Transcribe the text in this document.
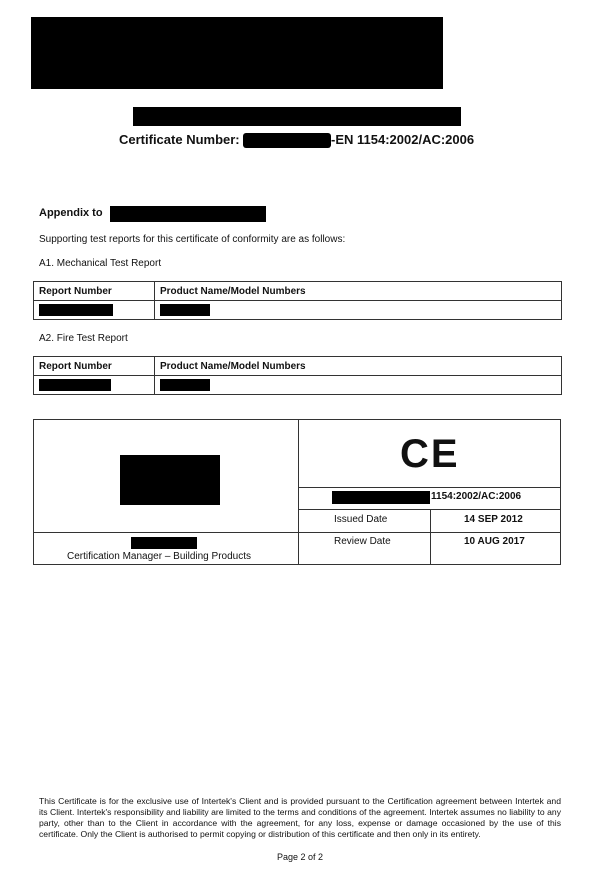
Certificate Number:	-EN 1154:2002/AC:2006
Appendix to
Supporting test reports for this certificate of conformity are as follows:
A1. Mechanical Test Report
Report Number	Product Name/Model Numbers

A2. Fire Test Report
Report Number	Product Name/Model Numbers

Certification Manager – Building Products
CE
1154:2002/AC:2006
Issued Date	14 SEP 2012
Review Date	10 AUG 2017
This Certificate is for the exclusive use of Intertek's Client and is provided pursuant to the Certification agreement between Intertek and its Client. Intertek's responsibility and liability are limited to the terms and conditions of the agreement. Intertek assumes no liability to any party, other than to the Client in accordance with the agreement, for any loss, expense or damage occasioned by the use of this certificate. Only the Client is authorised to permit copying or distribution of this certificate and then only in its entirety.
Page 2 of 2
